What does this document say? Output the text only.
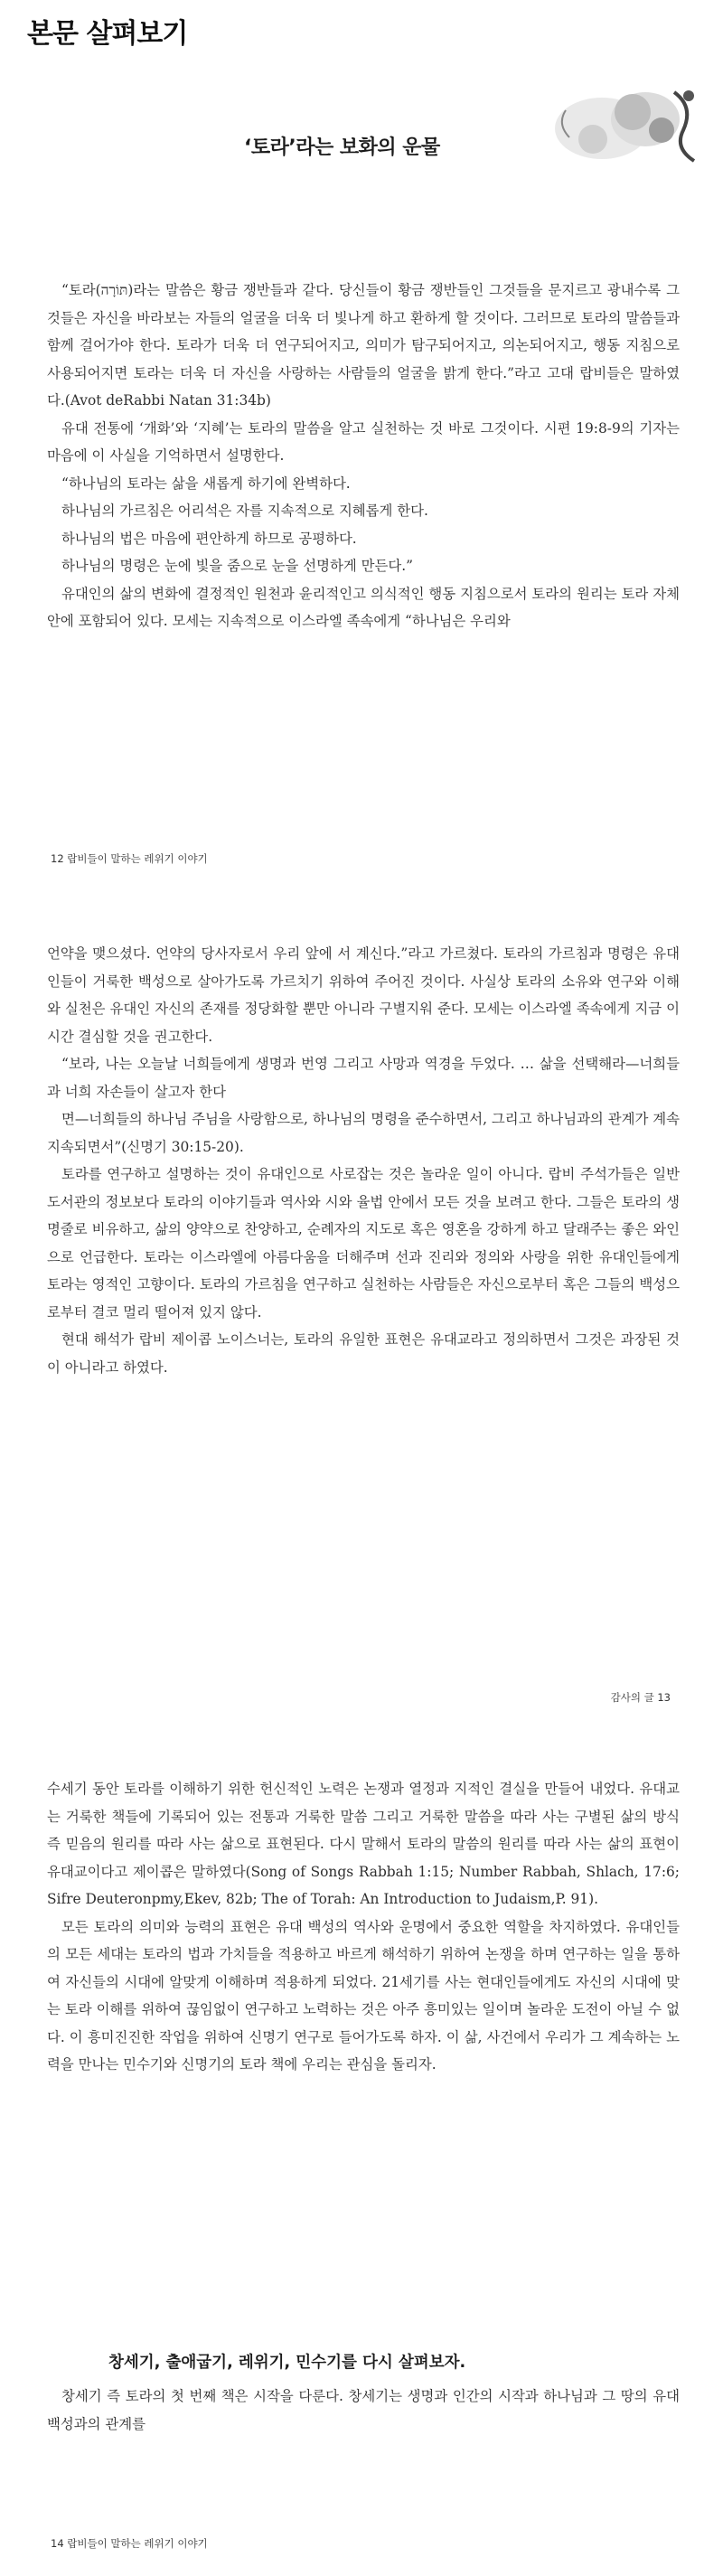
본문 살펴보기
‘토라’라는 보화의 운물

“토라(תּוֹרָה)라는 말씀은 황금 쟁반들과 같다. 당신들이 황금 쟁반들인 그것들을 문지르고 광내수록 그것들은 자신을 바라보는 자들의 얼굴을 더욱 더 빛나게 하고 환하게 할 것이다. 그러므로 토라의 말씀들과 함께 걸어가야 한다. 토라가 더욱 더 연구되어지고, 의미가 탐구되어지고, 의논되어지고, 행동 지침으로 사용되어지면 토라는 더욱 더 자신을 사랑하는 사람들의 얼굴을 밝게 한다.”라고 고대 랍비들은 말하였다.(Avot deRabbi Natan 31:34b)

유대 전통에 ‘개화’와 ‘지혜’는 토라의 말씀을 알고 실천하는 것 바로 그것이다. 시편 19:8-9의 기자는 마음에 이 사실을 기억하면서 설명한다.

“하나님의 토라는 삶을 새롭게 하기에 완벽하다.

하나님의 가르침은 어리석은 자를 지속적으로 지혜롭게 한다.

하나님의 법은 마음에 편안하게 하므로 공평하다.

하나님의 명령은 눈에 빛을 줌으로 눈을 선명하게 만든다.”

유대인의 삶의 변화에 결정적인 원천과 윤리적인고 의식적인 행동 지침으로서 토라의 원리는 토라 자체 안에 포함되어 있다. 모세는 지속적으로 이스라엘 족속에게 “하나님은 우리와

12 랍비들이 말하는 레위기 이야기

언약을 맺으셨다. 언약의 당사자로서 우리 앞에 서 계신다.”라고 가르쳤다. 토라의 가르침과 명령은 유대인들이 거룩한 백성으로 살아가도록 가르치기 위하여 주어진 것이다. 사실상 토라의 소유와 연구와 이해와 실천은 유대인 자신의 존재를 정당화할 뿐만 아니라 구별지워 준다. 모세는 이스라엘 족속에게 지금 이 시간 결심할 것을 권고한다.

“보라, 나는 오늘날 너희들에게 생명과 번영 그리고 사망과 역경을 두었다. … 삶을 선택해라—너희들과 너희 자손들이 살고자 한다

면—너희들의 하나님 주님을 사랑함으로, 하나님의 명령을 준수하면서, 그리고 하나님과의 관계가 계속 지속되면서”(신명기 30:15-20).

토라를 연구하고 설명하는 것이 유대인으로 사로잡는 것은 놀라운 일이 아니다. 랍비 주석가들은 일반 도서관의 정보보다 토라의 이야기들과 역사와 시와 율법 안에서 모든 것을 보려고 한다. 그들은 토라의 생명줄로 비유하고, 삶의 양약으로 찬양하고, 순례자의 지도로 혹은 영혼을 강하게 하고 달래주는 좋은 와인으로 언급한다. 토라는 이스라엘에 아름다움을 더해주며 선과 진리와 정의와 사랑을 위한 유대인들에게 토라는 영적인 고향이다. 토라의 가르침을 연구하고 실천하는 사람들은 자신으로부터 혹은 그들의 백성으로부터 결코 멀리 떨어져 있지 않다.

현대 해석가 랍비 제이콥 노이스너는, 토라의 유일한 표현은 유대교라고 정의하면서 그것은 과장된 것이 아니라고 하였다.

감사의 글 13

수세기 동안 토라를 이해하기 위한 헌신적인 노력은 논쟁과 열정과 지적인 결실을 만들어 내었다. 유대교는 거룩한 책들에 기록되어 있는 전통과 거룩한 말씀 그리고 거룩한 말씀을 따라 사는 구별된 삶의 방식 즉 믿음의 원리를 따라 사는 삶으로 표현된다. 다시 말해서 토라의 말씀의 원리를 따라 사는 삶의 표현이 유대교이다고 제이콥은 말하였다(Song of Songs Rabbah 1:15; Number Rabbah, Shlach, 17:6; Sifre Deuteronpmy,Ekev, 82b; The of Torah: An Introduction to Judaism,P. 91).

모든 토라의 의미와 능력의 표현은 유대 백성의 역사와 운명에서 중요한 역할을 차지하였다. 유대인들의 모든 세대는 토라의 법과 가치들을 적용하고 바르게 해석하기 위하여 논쟁을 하며 연구하는 일을 통하여 자신들의 시대에 알맞게 이해하며 적용하게 되었다. 21세기를 사는 현대인들에게도 자신의 시대에 맞는 토라 이해를 위하여 끊임없이 연구하고 노력하는 것은 아주 흥미있는 일이며 놀라운 도전이 아닐 수 없다. 이 흥미진진한 작업을 위하여 신명기 연구로 들어가도록 하자. 이 삶, 사건에서 우리가 그 계속하는 노력을 만나는 민수기와 신명기의 토라 책에 우리는 관심을 돌리자.

창세기, 출애굽기, 레위기, 민수기를 다시 살펴보자.

창세기 즉 토라의 첫 번째 책은 시작을 다룬다. 창세기는 생명과 인간의 시작과 하나님과 그 땅의 유대 백성과의 관계를

14 랍비들이 말하는 레위기 이야기
